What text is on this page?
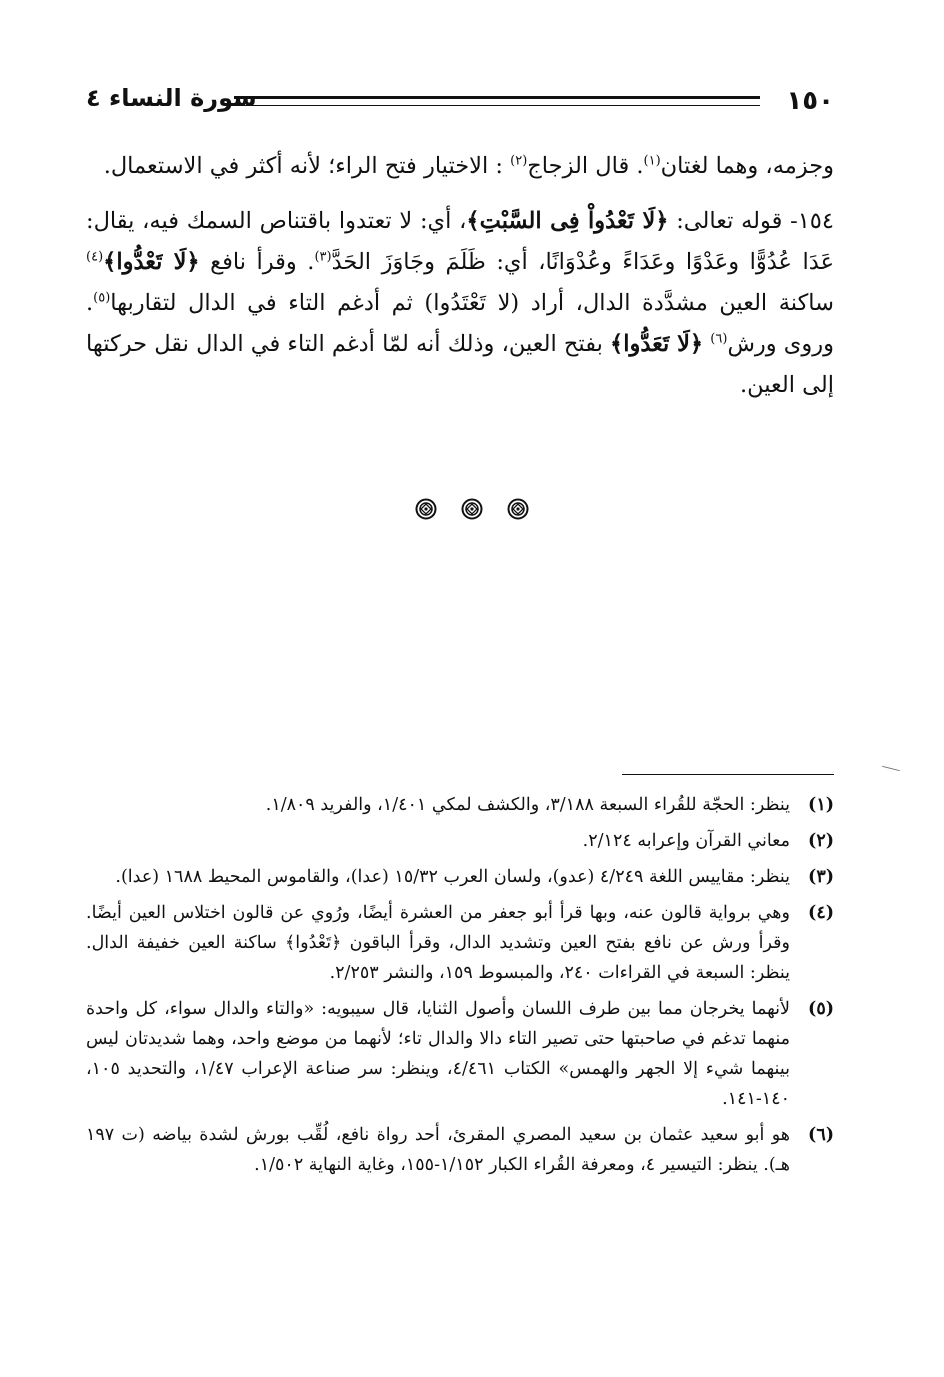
١٥٠
سورة النساء ٤

وجزمه، وهما لغتان$^{(١)}$. قال الزجاج$^{(٢)}$ : الاختيار فتح الراء؛ لأنه أكثر في الاستعمال.

١٥٤- قوله تعالى: ﴿لَا تَعْدُواْ فِى السَّبْتِ﴾، أي: لا تعتدوا باقتناص السمك فيه، يقال: عَدَا عُدُوًّا وعَدْوًا وعَدَاءً وعُدْوَانًا، أي: ظَلَمَ وجَاوَزَ الحَدَّ$^{(٣)}$. وقرأ نافع ﴿لَا تَعْدُّوا﴾$^{(٤)}$ ساكنة العين مشدَّدة الدال، أراد (لا تَعْتَدُوا) ثم أدغم التاء في الدال لتقاربها$^{(٥)}$. وروى ورش$^{(٦)}$ ﴿لَا تَعَدُّوا﴾ بفتح العين، وذلك أنه لمّا أدغم التاء في الدال نقل حركتها إلى العين.

(١)
ينظر: الحجّة للقُراء السبعة ٣/١٨٨، والكشف لمكي ١/٤٠١، والفريد ١/٨٠٩.
(٢)
معاني القرآن وإعرابه ٢/١٢٤.
(٣)
ينظر: مقاييس اللغة ٤/٢٤٩ (عدو)، ولسان العرب ١٥/٣٢ (عدا)، والقاموس المحيط ١٦٨٨ (عدا).
(٤)
وهي برواية قالون عنه، وبها قرأ أبو جعفر من العشرة أيضًا، ورُوي عن قالون اختلاس العين أيضًا. وقرأ ورش عن نافع بفتح العين وتشديد الدال، وقرأ الباقون ﴿تَعْدُوا﴾ ساكنة العين خفيفة الدال. ينظر: السبعة في القراءات ٢٤٠، والمبسوط ١٥٩، والنشر ٢/٢٥٣.
(٥)
لأنهما يخرجان مما بين طرف اللسان وأصول الثنايا، قال سيبويه: «والتاء والدال سواء، كل واحدة منهما تدغم في صاحبتها حتى تصير التاء دالا والدال تاء؛ لأنهما من موضع واحد، وهما شديدتان ليس بينهما شيء إلا الجهر والهمس» الكتاب ٤/٤٦١، وينظر: سر صناعة الإعراب ١/٤٧، والتحديد ١٠٥، ١٤٠-١٤١.
(٦)
هو أبو سعيد عثمان بن سعيد المصري المقرئ، أحد رواة نافع، لُقِّب بورش لشدة بياضه (ت ١٩٧ هـ). ينظر: التيسير ٤، ومعرفة القُراء الكبار ١/١٥٢-١٥٥، وغاية النهاية ١/٥٠٢.
